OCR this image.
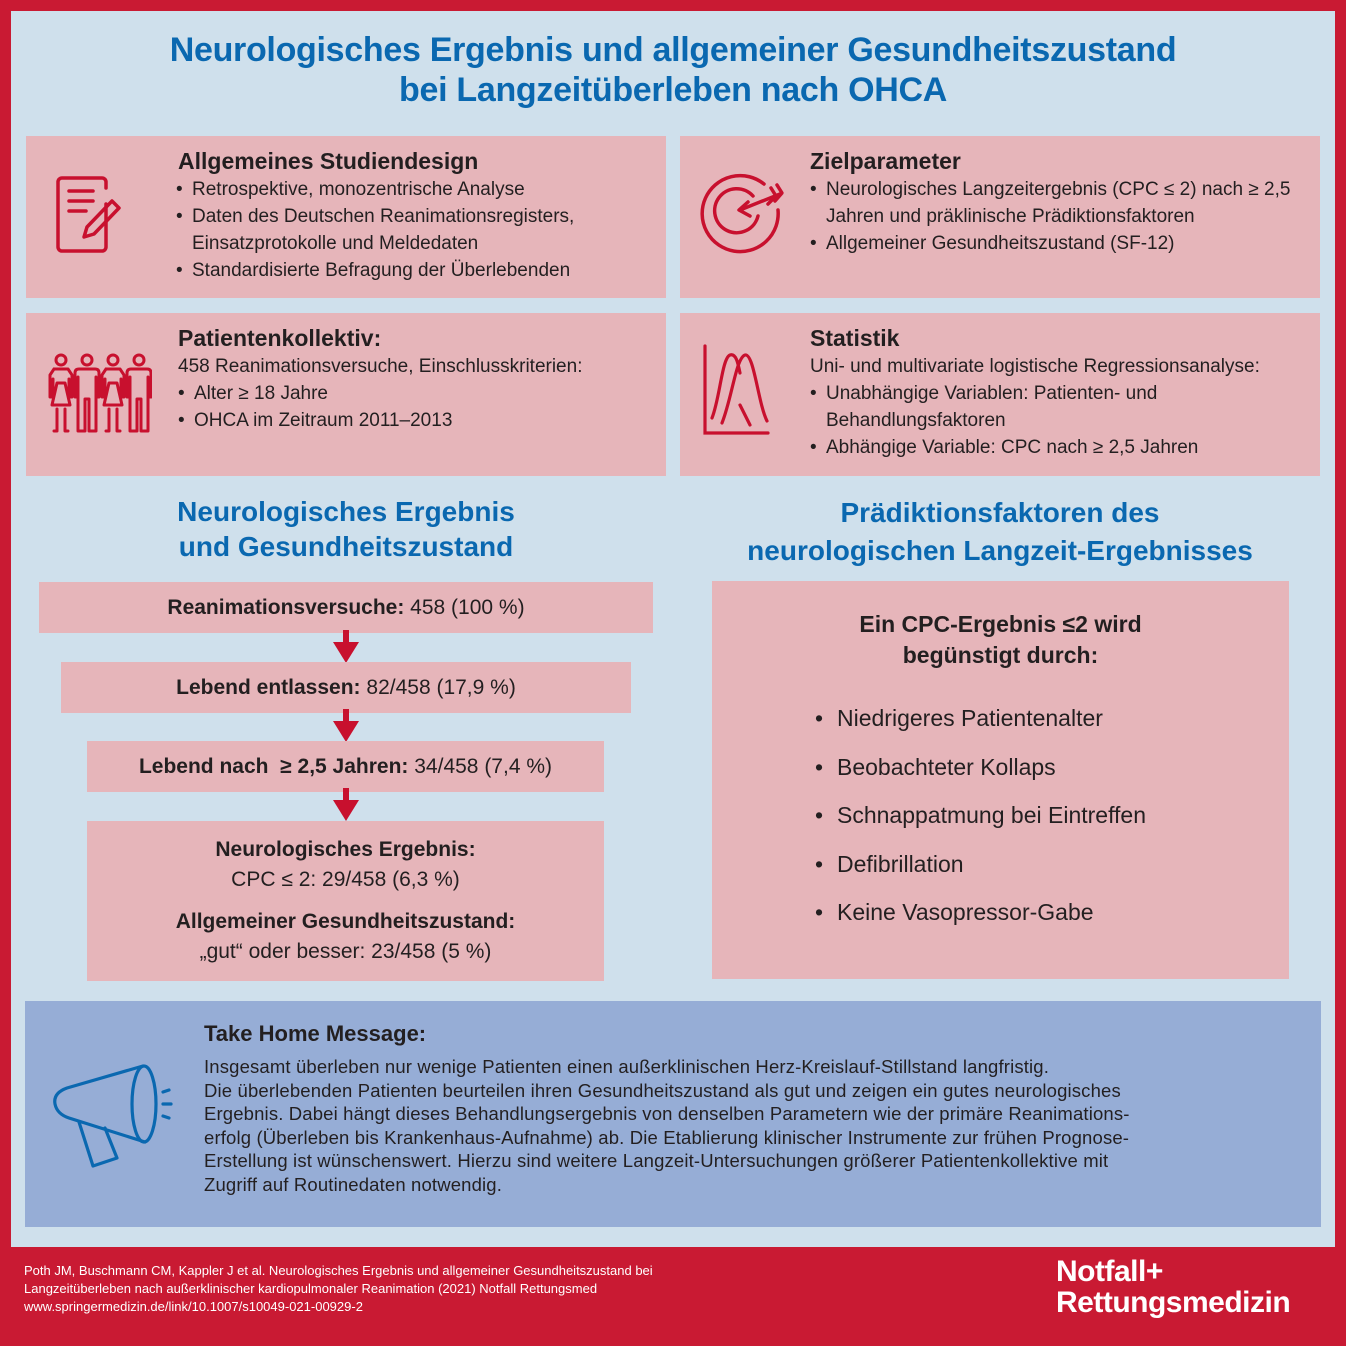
Neurologisches Ergebnis und allgemeiner Gesundheitszustand
bei Langzeitüberleben nach OHCA
Allgemeines Studiendesign
• Retrospektive, monozentrische Analyse
• Daten des Deutschen Reanimationsregisters, Einsatzprotokolle und Meldedaten
• Standardisierte Befragung der Überlebenden
Zielparameter
• Neurologisches Langzeitergebnis (CPC ≤ 2) nach ≥ 2,5 Jahren und präklinische Prädiktionsfaktoren
• Allgemeiner Gesundheitszustand (SF-12)
Patientenkollektiv:
458 Reanimationsversuche, Einschlusskriterien:
• Alter ≥ 18 Jahre
• OHCA im Zeitraum 2011–2013
Statistik
Uni- und multivariate logistische Regressionsanalyse:
• Unabhängige Variablen: Patienten- und Behandlungsfaktoren
• Abhängige Variable: CPC nach ≥ 2,5 Jahren
Neurologisches Ergebnis
und Gesundheitszustand
Reanimationsversuche: 458 (100 %)
Lebend entlassen: 82/458 (17,9 %)
Lebend nach  ≥ 2,5 Jahren: 34/458 (7,4 %)
Neurologisches Ergebnis:
CPC ≤ 2: 29/458 (6,3 %)
Allgemeiner Gesundheitszustand:
„gut“ oder besser: 23/458 (5 %)
Prädiktionsfaktoren des
neurologischen Langzeit-Ergebnisses
Ein CPC-Ergebnis ≤2 wird
begünstigt durch:
• Niedrigeres Patientenalter
• Beobachteter Kollaps
• Schnappatmung bei Eintreffen
• Defibrillation
• Keine Vasopressor-Gabe
Take Home Message:
Insgesamt überleben nur wenige Patienten einen außerklinischen Herz-Kreislauf-Stillstand langfristig.
Die überlebenden Patienten beurteilen ihren Gesundheitszustand als gut und zeigen ein gutes neurologisches
Ergebnis. Dabei hängt dieses Behandlungsergebnis von denselben Parametern wie der primäre Reanimations-
erfolg (Überleben bis Krankenhaus-Aufnahme) ab. Die Etablierung klinischer Instrumente zur frühen Prognose-
Erstellung ist wünschenswert. Hierzu sind weitere Langzeit-Untersuchungen größerer Patientenkollektive mit
Zugriff auf Routinedaten notwendig.
Poth JM, Buschmann CM, Kappler J et al. Neurologisches Ergebnis und allgemeiner Gesundheitszustand bei
Langzeitüberleben nach außerklinischer kardiopulmonaler Reanimation (2021) Notfall Rettungsmed
www.springermedizin.de/link/10.1007/s10049-021-00929-2
Notfall+
Rettungsmedizin
